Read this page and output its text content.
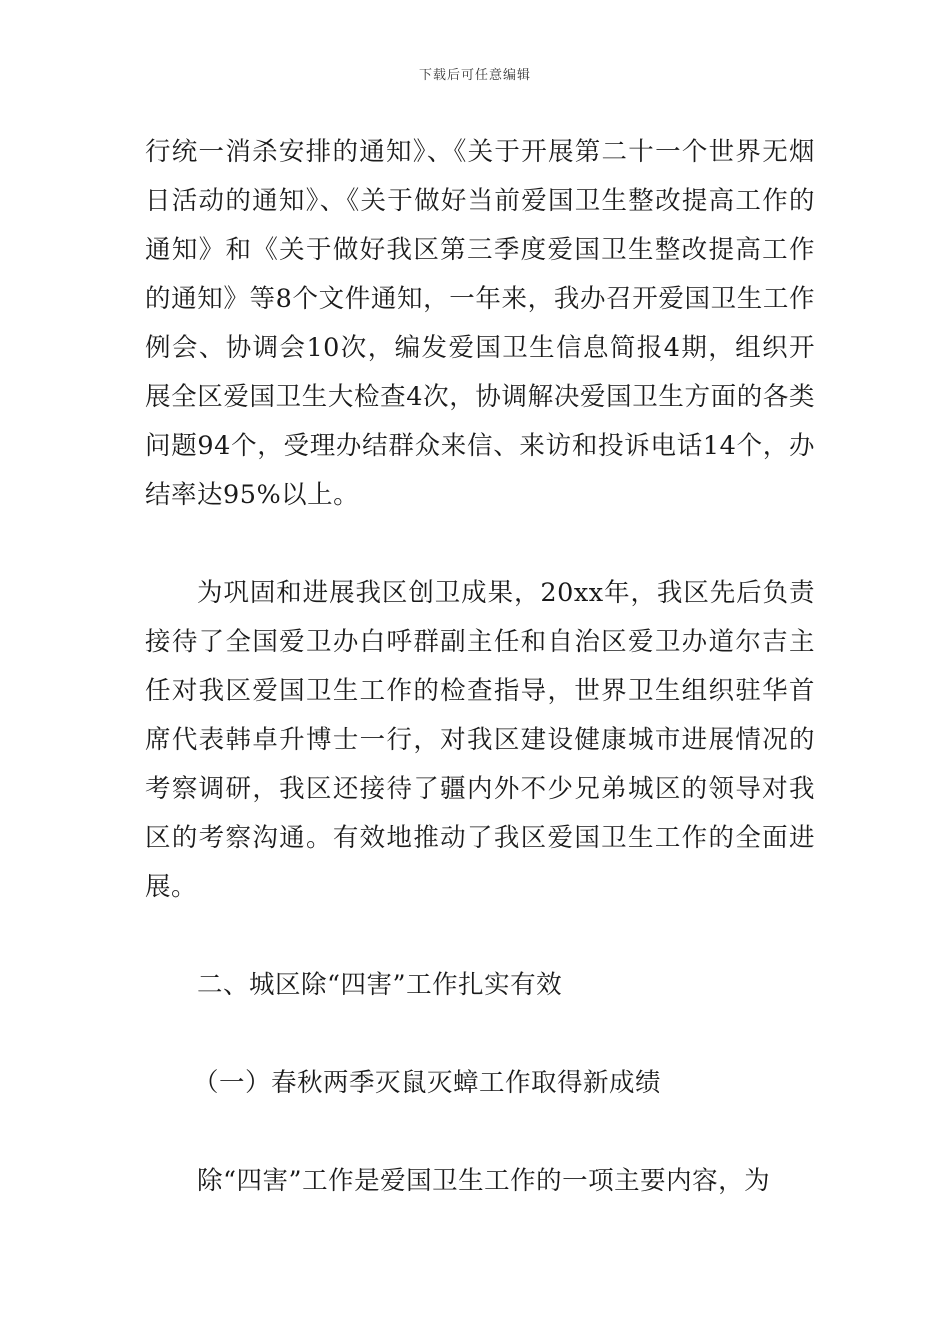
下载后可任意编辑

行统一消杀安排的通知》、《关于开展第二十一个世界无烟日活动的通知》、《关于做好当前爱国卫生整改提高工作的通知》和《关于做好我区第三季度爱国卫生整改提高工作的通知》等8个文件通知，一年来，我办召开爱国卫生工作例会、协调会10次，编发爱国卫生信息简报4期，组织开展全区爱国卫生大检查4次，协调解决爱国卫生方面的各类问题94个，受理办结群众来信、来访和投诉电话14个，办结率达95%以上。

为巩固和进展我区创卫成果，20xx年，我区先后负责接待了全国爱卫办白呼群副主任和自治区爱卫办道尔吉主任对我区爱国卫生工作的检查指导，世界卫生组织驻华首席代表韩卓升博士一行，对我区建设健康城市进展情况的考察调研，我区还接待了疆内外不少兄弟城区的领导对我区的考察沟通。有效地推动了我区爱国卫生工作的全面进展。

二、城区除“四害”工作扎实有效

（一）春秋两季灭鼠灭蟑工作取得新成绩

除“四害”工作是爱国卫生工作的一项主要内容，为
